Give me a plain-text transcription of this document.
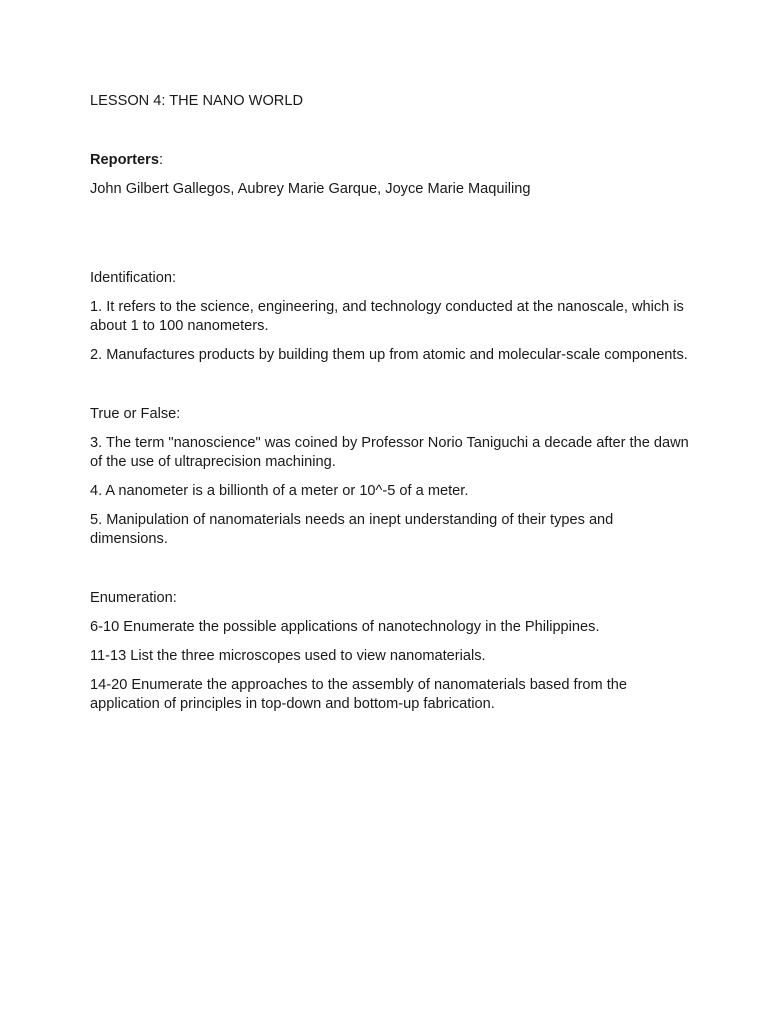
LESSON 4: THE NANO WORLD

Reporters:

John Gilbert Gallegos, Aubrey Marie Garque, Joyce Marie Maquiling

Identification:

1. It refers to the science, engineering, and technology conducted at the nanoscale, which is about 1 to 100 nanometers.

2. Manufactures products by building them up from atomic and molecular-scale components.

True or False:

3. The term "nanoscience" was coined by Professor Norio Taniguchi a decade after the dawn of the use of ultraprecision machining.

4. A nanometer is a billionth of a meter or 10^-5 of a meter.

5. Manipulation of nanomaterials needs an inept understanding of their types and dimensions.

Enumeration:

6-10 Enumerate the possible applications of nanotechnology in the Philippines.

11-13 List the three microscopes used to view nanomaterials.

14-20 Enumerate the approaches to the assembly of nanomaterials based from the application of principles in top-down and bottom-up fabrication.
